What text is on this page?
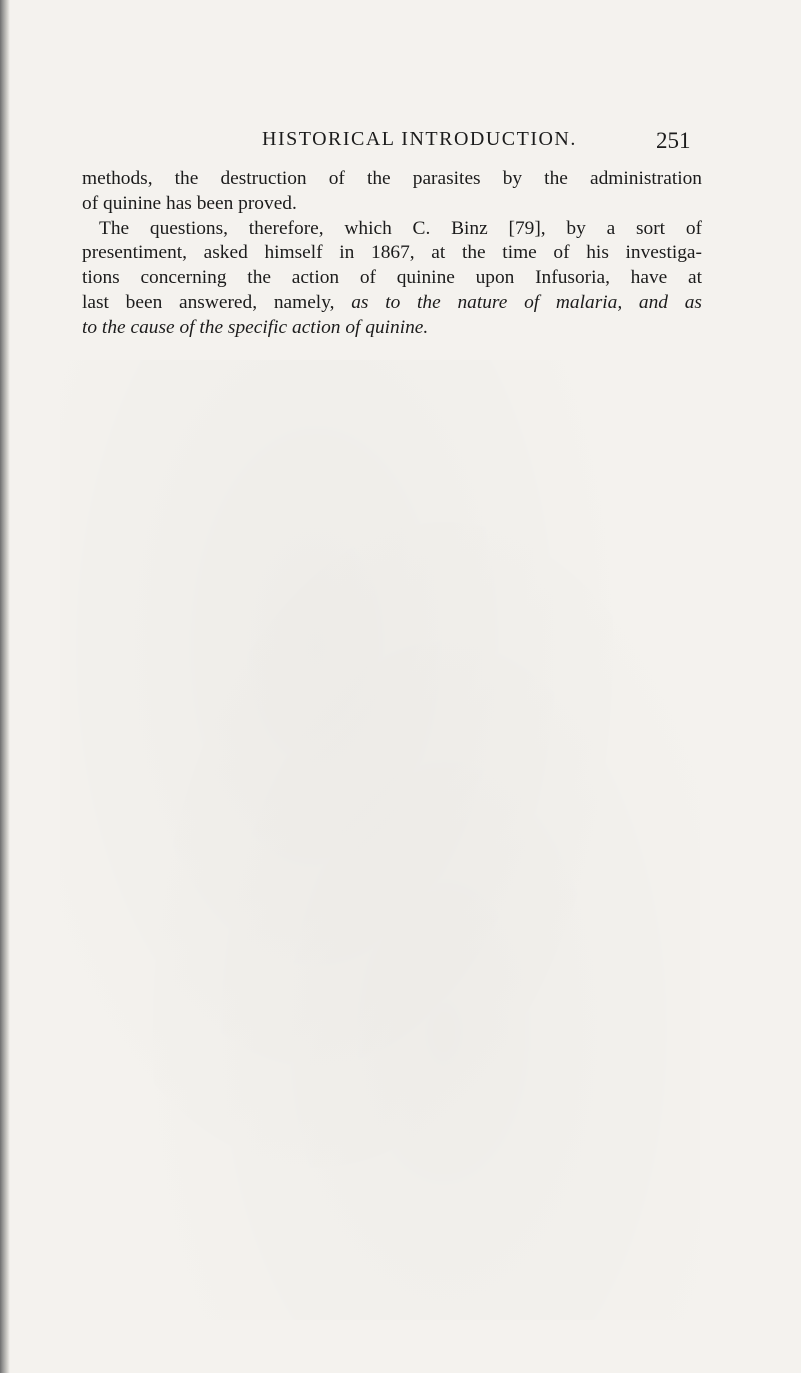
HISTORICAL INTRODUCTION.	251
methods, the destruction of the parasites by the administration
of quinine has been proved.
The questions, therefore, which C. Binz [79], by a sort of
presentiment, asked himself in 1867, at the time of his investiga-
tions concerning the action of quinine upon Infusoria, have at
last been answered, namely, as to the nature of malaria, and as
to the cause of the specific action of quinine.
